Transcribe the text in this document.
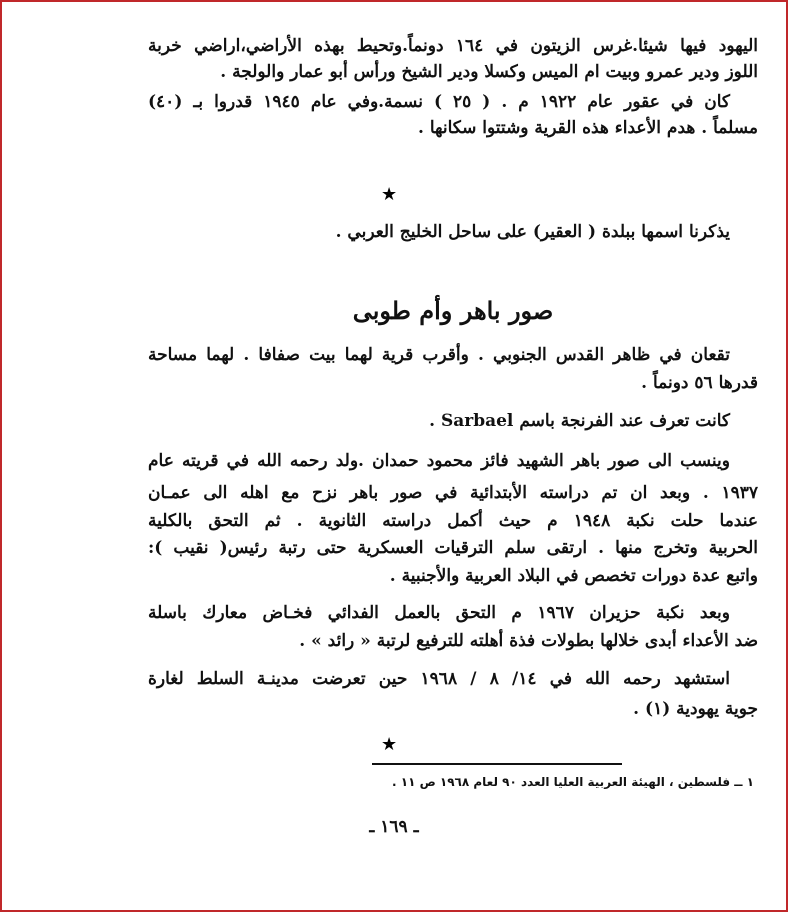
اليهود فيها شيئا.غرس الزيتون في ١٦٤ دونماً.وتحيط بهذه الأراضي،اراضي خربة
اللوز ودير عمرو وبيت ام الميس وكسلا ودير الشيخ ورأس أبو عمار والولجة .
كان في عقور عام ١٩٢٢ م . ( ٢٥ ) نسمة.وفي عام ١٩٤٥ قدروا بـ (٤٠)
مسلماً . هدم الأعداء هذه القرية وشتتوا سكانها .
★
يذكرنا اسمها ببلدة ( العقير) على ساحل الخليج العربي .
صور باهر وأم طوبى
تقعان في ظاهر القدس الجنوبي . وأقرب قرية لهما بيت صفافا . لهما مساحة
قدرها ٥٦ دونماً .
كانت تعرف عند الفرنجة باسم Sarbael .
وينسب الى صور باهر الشهيد فائز محمود حمدان .ولد رحمه الله في قريته عام
١٩٣٧ . وبعد ان تم دراسته الأبتدائية في صور باهر نزح مع اهله الى عمـان
عندما حلت نكبة ١٩٤٨ م حيث أكمل دراسته الثانوية . ثم التحق بالكلية
الحربية وتخرج منها . ارتقى سلم الترقيات العسكرية حتى رتبة رئيس( نقيب ):
واتبع عدة دورات تخصص في البلاد العربية والأجنبية .
وبعد نكبة حزيران ١٩٦٧ م التحق بالعمل الفدائي فخـاض معارك باسلة
ضد الأعداء أبدى خلالها بطولات فذة أهلته للترفيع لرتبة « رائد » .
استشهد رحمه الله في ١٤/ ٨ / ١٩٦٨ حين تعرضت مدينـة السلط لغارة
جوية يهودية (١) .
★
١ ــ فلسطين ، الهيئة العربية العليا العدد ٩٠ لعام ١٩٦٨ ص ١١ .
ـ ١٦٩ ـ
